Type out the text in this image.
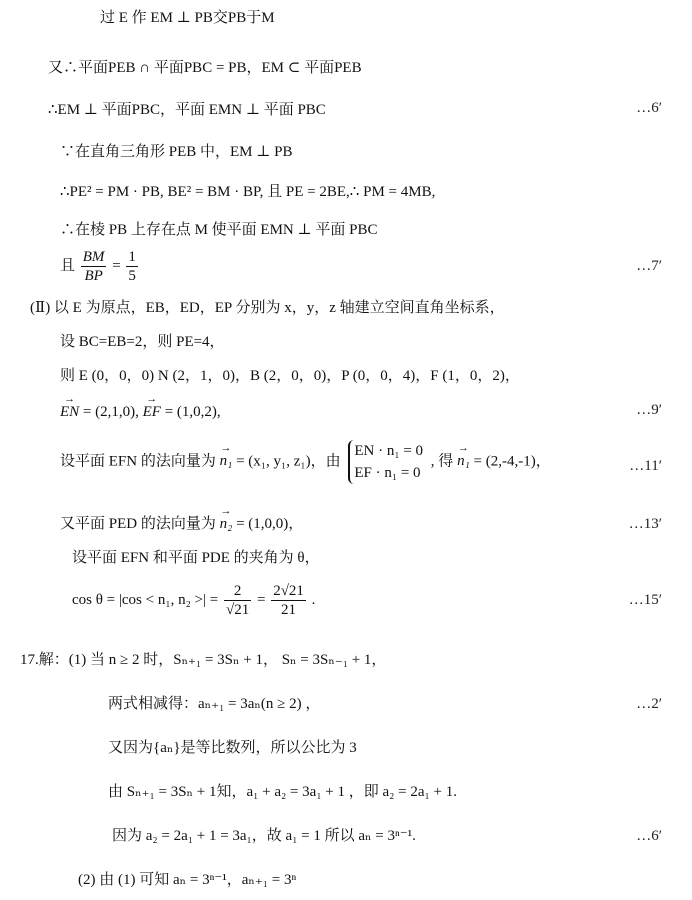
过 E 作 EM ⊥ PB交PB于M
又∴平面PEB ∩ 平面PBC = PB，EM ⊂ 平面PEB
∴EM ⊥ 平面PBC，平面 EMN ⊥ 平面 PBC	…6′
∵在直角三角形 PEB 中，EM ⊥ PB
∴PE² = PM · PB, BE² = BM · BP, 且 PE = 2BE,∴ PM = 4MB,
∴在棱 PB 上存在点 M 使平面 EMN ⊥ 平面 PBC
且 $\frac{BM}{BP} = \frac{1}{5}$	…7′
(Ⅱ) 以 E 为原点，EB，ED，EP 分别为 x，y，z 轴建立空间直角坐标系，
设 BC=EB=2，则 PE=4，
则 E (0，0，0) N (2，1，0)，B (2，0，0)，P (0，0，4)，F (1，0，2)，
→ EN = (2,1,0), → EF = (1,0,2),	…9′
设平面 EFN 的法向量为 → n₁ = (x₁, y₁, z₁)，由
EN · n₁ = 0
EF · n₁ = 0
, 得 → n₁ = (2,-4,-1)，	…11′
又平面 PED 的法向量为 → n₂ = (1,0,0)，	…13′
设平面 EFN 和平面 PDE 的夹角为 θ，
cos θ = |cos < n₁, n₂ >| = $\frac{2}{√21} = \frac{2√21}{21}$ .	…15′
17.解：(1) 当 n ≥ 2 时，Sₙ₊₁ = 3Sₙ + 1， Sₙ = 3Sₙ₋₁ + 1，
两式相减得：aₙ₊₁ = 3aₙ(n ≥ 2) ，	…2′
又因为{aₙ}是等比数列，所以公比为 3
由 Sₙ₊₁ = 3Sₙ + 1知，a₁ + a₂ = 3a₁ + 1 ，即 a₂ = 2a₁ + 1.
因为 a₂ = 2a₁ + 1 = 3a₁，故 a₁ = 1 所以 aₙ = 3ⁿ⁻¹.	…6′
(2) 由 (1) 可知 aₙ = 3ⁿ⁻¹，aₙ₊₁ = 3ⁿ
